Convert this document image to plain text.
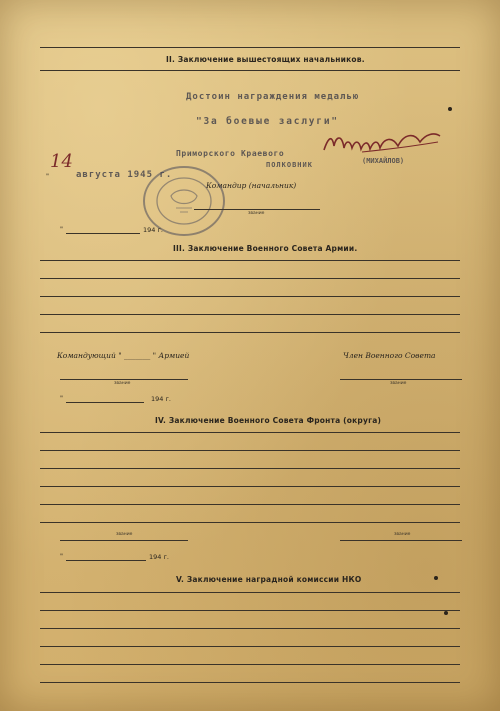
II. Заключение вышестоящих начальников.
Достоин награждения медалью
"За боевые заслуги"
Приморского Краевого
ПОЛКОВНИК	(МИХАЙЛОВ)
14
"	августа 1945 г.
Командир (начальник)
звание
"	194 г.
III. Заключение Военного Совета Армии.
Командующий " _______ " Армией	Член Военного Совета
звание	звание
"	194 г.
IV. Заключение Военного Совета Фронта (округа)
звание	звание
"	194 г.
V. Заключение наградной комиссии НКО
